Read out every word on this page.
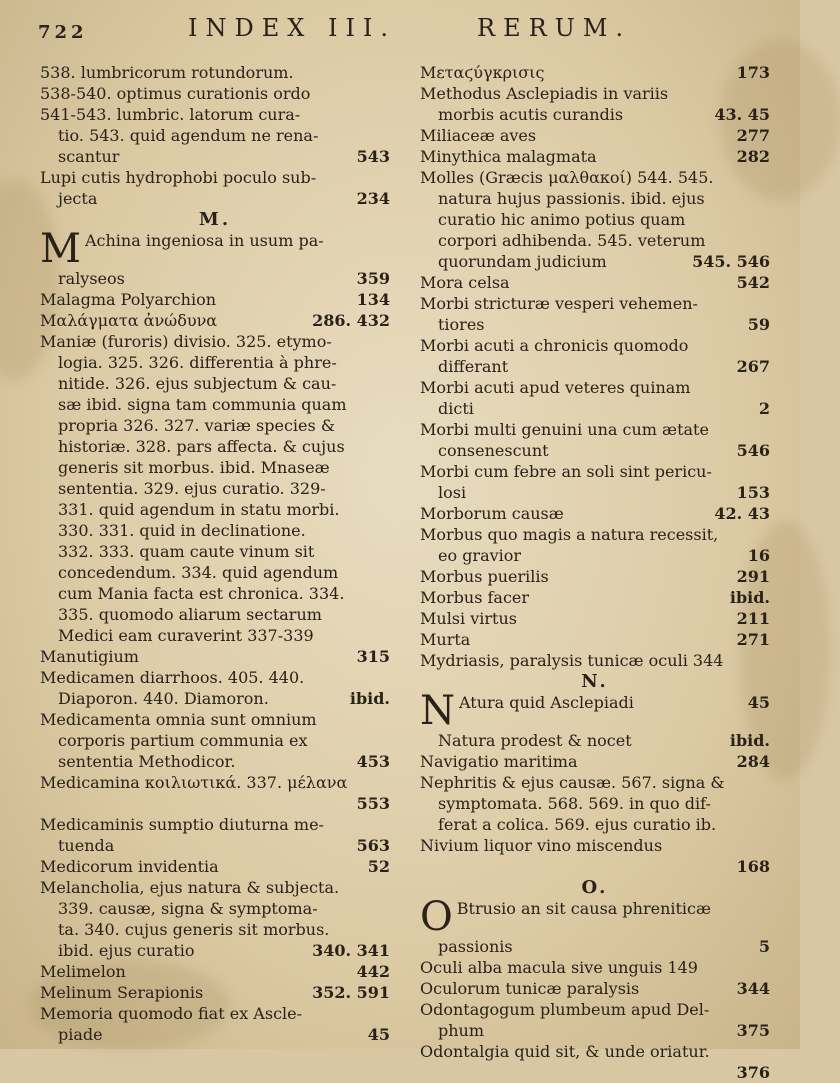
722	INDEX III.	RERUM.
538. lumbricorum rotundorum.
538-540. optimus curationis ordo
541-543. lumbric. latorum cura-
tio. 543. quid agendum ne rena-
scantur	543
Lupi cutis hydrophobi poculo sub-
jecta	234
M.
M Achina ingeniosa in usum pa-
ralyseos	359
Malagma Polyarchion	134
Μαλάγματα ἀνώδυνα	286. 432
Maniæ (furoris) divisio. 325. etymo-
logia. 325. 326. differentia à phre-
nitide. 326. ejus subjectum & cau-
sæ ibid. signa tam communia quam
propria 326. 327. variæ species &
historiæ. 328. pars affecta. & cujus
generis sit morbus. ibid. Mnaseæ
sententia. 329. ejus curatio. 329-
331. quid agendum in statu morbi.
330. 331. quid in declinatione.
332. 333. quam caute vinum sit
concedendum. 334. quid agendum
cum Mania facta est chronica. 334.
335. quomodo aliarum sectarum
Medici eam curaverint 337-339
Manutigium	315
Medicamen diarrhoos. 405. 440.
Diaporon. 440. Diamoron.	ibid.
Medicamenta omnia sunt omnium
corporis partium communia ex
sententia Methodicor.	453
Medicamina κοιλιωτικά. 337. μέλανα
553
Medicaminis sumptio diuturna me-
tuenda	563
Medicorum invidentia	52
Melancholia, ejus natura & subjecta.
339. causæ, signa & symptoma-
ta. 340. cujus generis sit morbus.
ibid. ejus curatio	340. 341
Melimelon	442
Melinum Serapionis	352. 591
Memoria quomodo fiat ex Ascle-
piade	45
Μεταϛύγκρισις	173
Methodus Asclepiadis in variis
morbis acutis curandis	43. 45
Miliaceæ aves	277
Minythica malagmata	282
Molles (Græcis μαλθακοί) 544. 545.
natura hujus passionis. ibid. ejus
curatio hic animo potius quam
corpori adhibenda. 545. veterum
quorundam judicium	545. 546
Mora celsa	542
Morbi stricturæ vesperi vehemen-
tiores	59
Morbi acuti a chronicis quomodo
differant	267
Morbi acuti apud veteres quinam
dicti	2
Morbi multi genuini una cum ætate
consenescunt	546
Morbi cum febre an soli sint pericu-
losi	153
Morborum causæ	42. 43
Morbus quo magis a natura recessit,
eo gravior	16
Morbus puerilis	291
Morbus facer	ibid.
Mulsi virtus	211
Murta	271
Mydriasis, paralysis tunicæ oculi 344
N.
N Atura quid Asclepiadi	45
Natura prodest & nocet	ibid.
Navigatio maritima	284
Nephritis & ejus causæ. 567. signa &
symptomata. 568. 569. in quo dif-
ferat a colica. 569. ejus curatio ib.
Nivium liquor vino miscendus
168
O.
O Btrusio an sit causa phreniticæ
passionis	5
Oculi alba macula sive unguis 149
Oculorum tunicæ paralysis	344
Odontagogum plumbeum apud Del-
phum	375
Odontalgia quid sit, & unde oriatur.
376
